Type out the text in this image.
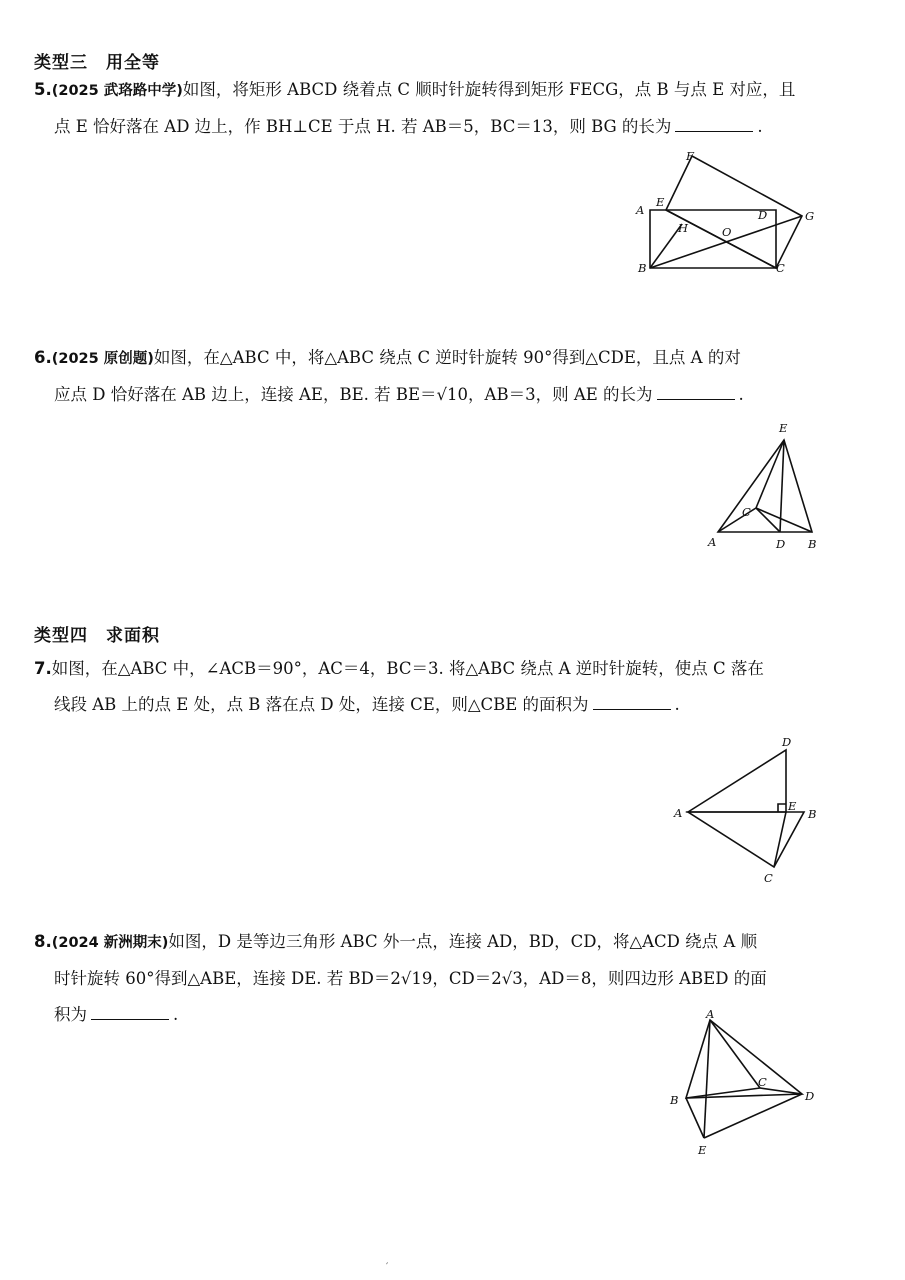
类型三　用全等
5.(2025 武珞路中学)如图，将矩形 ABCD 绕着点 C 顺时针旋转得到矩形 FECG，点 B 与点 E 对应，且
点 E 恰好落在 AD 边上，作 BH⊥CE 于点 H. 若 AB＝5，BC＝13，则 BG 的长为	.
F
E
A	D	G
H	O
B	C
6.(2025 原创题)如图，在△ABC 中，将△ABC 绕点 C 逆时针旋转 90°得到△CDE，且点 A 的对
应点 D 恰好落在 AB 边上，连接 AE，BE. 若 BE＝√10，AB＝3，则 AE 的长为	.
E
C
A	D B
类型四　求面积
7.如图，在△ABC 中，∠ACB＝90°，AC＝4，BC＝3. 将△ABC 绕点 A 逆时针旋转，使点 C 落在
线段 AB 上的点 E 处，点 B 落在点 D 处，连接 CE，则△CBE 的面积为	.
D
A	E
B
C
8.(2024 新洲期末)如图，D 是等边三角形 ABC 外一点，连接 AD，BD，CD，将△ACD 绕点 A 顺
时针旋转 60°得到△ABE，连接 DE. 若 BD＝2√19，CD＝2√3，AD＝8，则四边形 ABED 的面
积为	.	A
C
B	D
E
′
